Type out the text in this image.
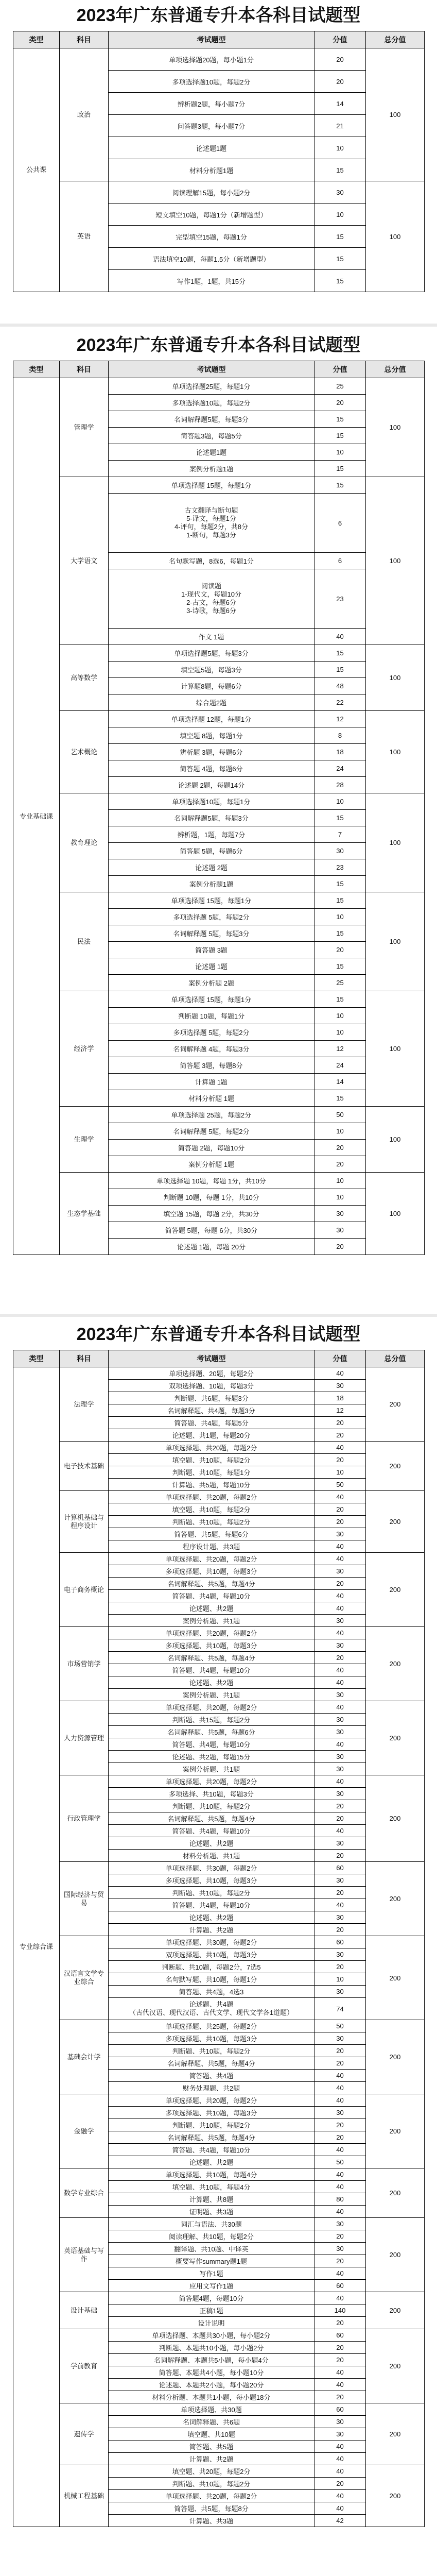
2023年广东普通专升本各科目试题型
类型	科目	考试题型	分值	总分值
公共课	政治	单项选择题20题，每小题1分	20	100
		多项选择题10题，每题2分	20	
		辨析题2题，每小题7分	14	
		问答题3题，每小题7分	21	
		论述题1题	10	
		材料分析题1题	15	
	英语	阅读理解15题，每小题2分	30	100
		短文填空10题，每题1分（新增题型）	10	
		完型填空15题，每题1分	15	
		语法填空10题，每题1.5分（新增题型）	15	
		写作1题，1题，共15分	15	
2023年广东普通专升本各科目试题型
类型	科目	考试题型	分值	总分值
专业基础课	管理学	单项选择题25题，每题1分	25	100
		多项选择题10题，每题2分	20	
		名词解释题5题，每题3分	15	
		简答题3题，每题5分	15	
		论述题1题	10	
		案例分析题1题	15	
	大学语文	单项选择题 15题，每题1分	15	100
		古文翻译与断句题
5-译文，每题1分
4-评句，每题2分，共8分
1-断句，每题3分	6	
		名句默写题，8选6，每题1分	6	
		阅读题
1-现代文，每题10分
2-古文，每题6分
3-诗歌，每题6分	23	
		作文 1题	40	
	高等数学	单项选择题5题，每题3分	15	100
		填空题5题，每题3分	15	
		计算题8题，每题6分	48	
		综合题2题	22	
	艺术概论	单项选择题 12题，每题1分	12	100
		填空题 8题，每题1分	8	
		辨析题 3题，每题6分	18	
		简答题 4题，每题6分	24	
		论述题 2题，每题14分	28	
	教育理论	单项选择题10题，每题1分	10	100
		名词解释题5题，每题3分	15	
		辨析题，1题，每题7分	7	
		简答题 5题，每题6分	30	
		论述题 2题	23	
		案例分析题1题	15	
	民法	单项选择题 15题，每题1分	15	100
		多项选择题 5题，每题2分	10	
		名词解释题 5题，每题3分	15	
		简答题 3题	20	
		论述题 1题	15	
		案例分析题 2题	25	
	经济学	单项选择题 15题，每题1分	15	100
		判断题 10题，每题1分	10	
		多项选择题 5题，每题2分	10	
		名词解释题 4题，每题3分	12	
		简答题 3题，每题8分	24	
		计算题 1题	14	
		材料分析题 1题	15	
	生理学	单项选择题 25题，每题2分	50	100
		名词解释题 5题，每题2分	10	
		简答题 2题，每题10分	20	
		案例分析题 1题	20	
	生态学基础	单项选择题 10题，每题 1分，共10分	10	100
		判断题 10题，每题 1分，共10分	10	
		填空题 15题，每题 2分，共30分	30	
		简答题 5题，每题 6分，共30分	30	
		论述题 1题，每题 20分	20	
2023年广东普通专升本各科目试题型
类型	科目	考试题型	分值	总分值
专业综合课	法理学	单项选择题、20题，每题2分	40	200
		双项选择题、10题，每题3分	30	
		判断题、共6题，每题3分	18	
		名词解释题、共4题，每题3分	12	
		简答题、共4题，每题5分	20	
		论述题、共1题，每题20分	20	
	电子技术基础	单项选择题、共20题，每题2分	40	200
		填空题、共10题，每题2分	20	
		判断题、共10题，每题1分	10	
		计算题、共5题，每题10分	50	
	计算机基础与程序设计	单项选择题、共20题，每题2分	40	200
		填空题、共10题，每题2分	20	
		判断题、共10题，每题2分	20	
		简答题、共5题，每题6分	30	
		程序设计题、共3题	40	
	电子商务概论	单项选择题、共20题，每题2分	40	200
		多项选择题、共10题，每题3分	30	
		名词解释题、共5题，每题4分	20	
		简答题、共4题，每题10分	40	
		论述题、共2题	40	
		案例分析题、共1题	30	
	市场营销学	单项选择题、共20题，每题2分	40	200
		多项选择题、共10题，每题3分	30	
		名词解释题、共5题，每题4分	20	
		简答题、共4题，每题10分	40	
		论述题、共2题	40	
		案例分析题、共1题	30	
	人力资源管理	单项选择题、共20题，每题2分	40	200
		判断题、共15题，每题2分	30	
		名词解释题、共5题，每题6分	30	
		简答题、共4题，每题10分	40	
		论述题、共2题，每题15分	30	
		案例分析题、共1题	30	
	行政管理学	单项选择题、共20题，每题2分	40	200
		多项选择、共10题，每题3分	30	
		判断题、共10题，每题2分	20	
		名词解释题、共5题，每题4分	20	
		简答题、共4题，每题10分	40	
		论述题、共2题	30	
		材料分析题、共1题	20	
	国际经济与贸易	单项选择题、共30题，每题2分	60	200
		多项选择题、共10题，每题3分	30	
		判断题、共10题，每题2分	20	
		简答题、共4题，每题10分	40	
		论述题、共2题	30	
		计算题、共2题	20	
	汉语言文学专业综合	单项选择题、共30题，每题2分	60	200
		双项选择题、共10题，每题3分	30	
		判断题、共10题，每题2分，7选5	20	
		名句默写题、共10题，每题1分	10	
		简答题、共4题，4选3	30	
		论述题、共4题
（古代汉语、现代汉语、古代文学、现代文学各1道题）	74	
	基础会计学	单项选择题、共25题，每题2分	50	200
		多项选择题、共10题，每题3分	30	
		判断题、共10题，每题2分	20	
		名词解释题、共5题，每题4分	20	
		简答题、共4题	40	
		财务处理题、共2题	40	
	金融学	单项选择题、共20题，每题2分	40	200
		多项选择题、共10题，每题3分	30	
		判断题、共10题，每题2分	20	
		名词解释题、共5题，每题4分	20	
		简答题、共4题，每题10分	40	
		论述题、共2题	50	
	数学专业综合	单项选择题、共10题，每题4分	40	200
		填空题、共10题，每题4分	40	
		计算题、共8题	80	
		证明题、共3题	40	
	英语基础与写作	词汇与语法、共30题	30	200
		阅读理解、共10题，每题2分	20	
		翻译题、共10题、中译英	30	
		概要写作summary题1题	20	
		写作1题	40	
		应用文写作1题	60	
	设计基础	简答题4题，每题10分	40	200
		正稿1题	140	
		设计说明	20	
	学前教育	单项选择题、本题共30小题，每小题2分	60	200
		判断题、本题共10小题，每小题2分	20	
		名词解释题、本题共5小题，每小题4分	20	
		简答题、本题共4小题，每小题10分	40	
		论述题、本题共2小题，每小题20分	40	
		材料分析题、本题共1小题，每小题18分	20	
	遗传学	单项选择题、共30题	60	200
		名词解释题、共6题	30	
		填空题、共10题	30	
		简答题、共5题	40	
		计算题、共2题	40	
	机械工程基础	填空题、共20题，每题2分	40	200
		判断题、共10题，每题2分	20	
		单项选择题、共20题，每题2分	40	
		简答题、共5题，每题8分	40	
		计算题、共3题	42	
